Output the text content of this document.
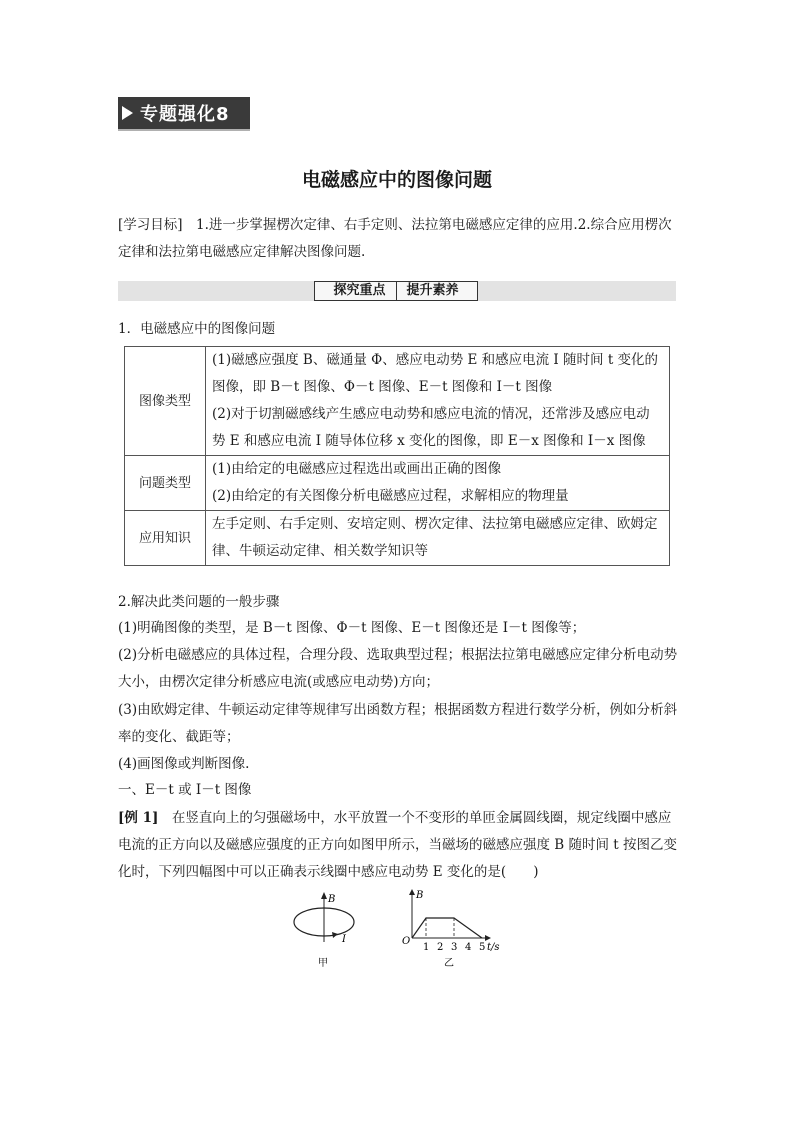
专题强化8
电磁感应中的图像问题
[学习目标]　 1.进一步掌握楞次定律、右手定则、法拉第电磁感应定律的应用.2.综合应用楞次定律和法拉第电磁感应定律解决图像问题.
探究重点 提升素养
1．电磁感应中的图像问题
图像类型	(1)磁感应强度 B、磁通量 Φ、感应电动势 E 和感应电流 I 随时间 t 变化的图像，即 B－t 图像、Φ－t 图像、E－t 图像和 I－t 图像
(2)对于切割磁感线产生感应电动势和感应电流的情况，还常涉及感应电动势 E 和感应电流 I 随导体位移 x 变化的图像，即 E－x 图像和 I－x 图像

问题类型	(1)由给定的电磁感应过程选出或画出正确的图像
(2)由给定的有关图像分析电磁感应过程，求解相应的物理量

应用知识	左手定则、右手定则、安培定则、楞次定律、法拉第电磁感应定律、欧姆定律、牛顿运动定律、相关数学知识等
2.解决此类问题的一般步骤
(1)明确图像的类型，是 B－t 图像、Φ－t 图像、E－t 图像还是 I－t 图像等；
(2)分析电磁感应的具体过程，合理分段、选取典型过程；根据法拉第电磁感应定律分析电动势大小，由楞次定律分析感应电流(或感应电动势)方向；
(3)由欧姆定律、牛顿运动定律等规律写出函数方程；根据函数方程进行数学分析，例如分析斜率的变化、截距等；
(4)画图像或判断图像.
一、E－t 或 I－t 图像
[例 1]　 在竖直向上的匀强磁场中，水平放置一个不变形的单匝金属圆线圈，规定线圈中感应电流的正方向以及磁感应强度的正方向如图甲所示，当磁场的磁感应强度 B 随时间 t 按图乙变化时，下列四幅图中可以正确表示线圈中感应电动势 E 变化的是(　　)
B
I
甲
B
O
1 2 3 4 5 t/s
乙
